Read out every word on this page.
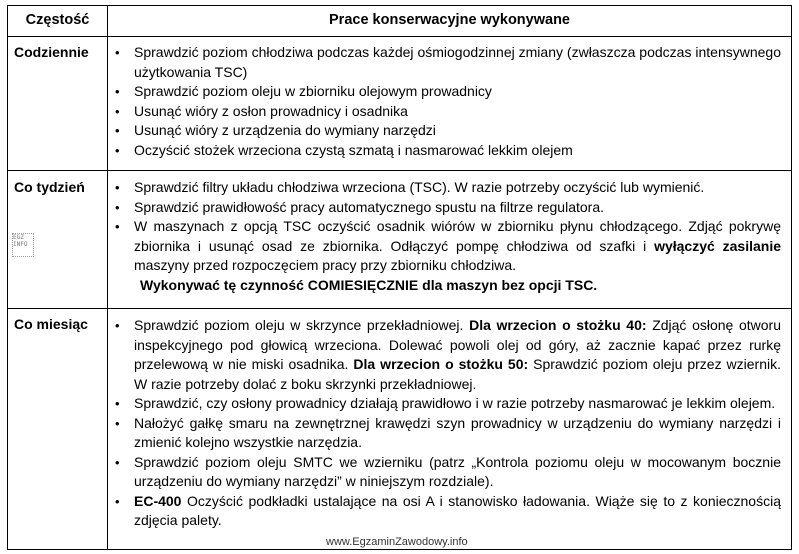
Częstość	Prace konserwacyjne wykonywane
Codziennie
Co tydzień
Co miesiąc
• Sprawdzić poziom chłodziwa podczas każdej ośmiogodzinnej zmiany (zwłaszcza podczas intensywnego użytkowania TSC)
• Sprawdzić poziom oleju w zbiorniku olejowym prowadnicy
• Usunąć wióry z osłon prowadnicy i osadnika
• Usunąć wióry z urządzenia do wymiany narzędzi
• Oczyścić stożek wrzeciona czystą szmatą i nasmarować lekkim olejem
• Sprawdzić filtry układu chłodziwa wrzeciona (TSC). W razie potrzeby oczyścić lub wymienić.
• Sprawdzić prawidłowość pracy automatycznego spustu na filtrze regulatora.
• W maszynach z opcją TSC oczyścić osadnik wiórów w zbiorniku płynu chłodzącego. Zdjąć pokrywę zbiornika i usunąć osad ze zbiornika. Odłączyć pompę chłodziwa od szafki i wyłączyć zasilanie maszyny przed rozpoczęciem pracy przy zbiorniku chłodziwa.
Wykonywać tę czynność COMIESIĘCZNIE dla maszyn bez opcji TSC.
• Sprawdzić poziom oleju w skrzynce przekładniowej. Dla wrzecion o stożku 40: Zdjąć osłonę otworu inspekcyjnego pod głowicą wrzeciona. Dolewać powoli olej od góry, aż zacznie kapać przez rurkę przelewową w nie miski osadnika. Dla wrzecion o stożku 50: Sprawdzić poziom oleju przez wziernik. W razie potrzeby dolać z boku skrzynki przekładniowej.
• Sprawdzić, czy osłony prowadnicy działają prawidłowo i w razie potrzeby nasmarować je lekkim olejem.
• Nałożyć gałkę smaru na zewnętrznej krawędzi szyn prowadnicy w urządzeniu do wymiany narzędzi i zmienić kolejno wszystkie narzędzia.
• Sprawdzić poziom oleju SMTC we wzierniku (patrz „Kontrola poziomu oleju w mocowanym bocznie urządzeniu do wymiany narzędzi” w niniejszym rozdziale).
• EC-400 Oczyścić podkładki ustalające na osi A i stanowisko ładowania. Wiąże się to z koniecznością zdjęcia palety.
EGZ
INFO
www.EgzaminZawodowy.info
